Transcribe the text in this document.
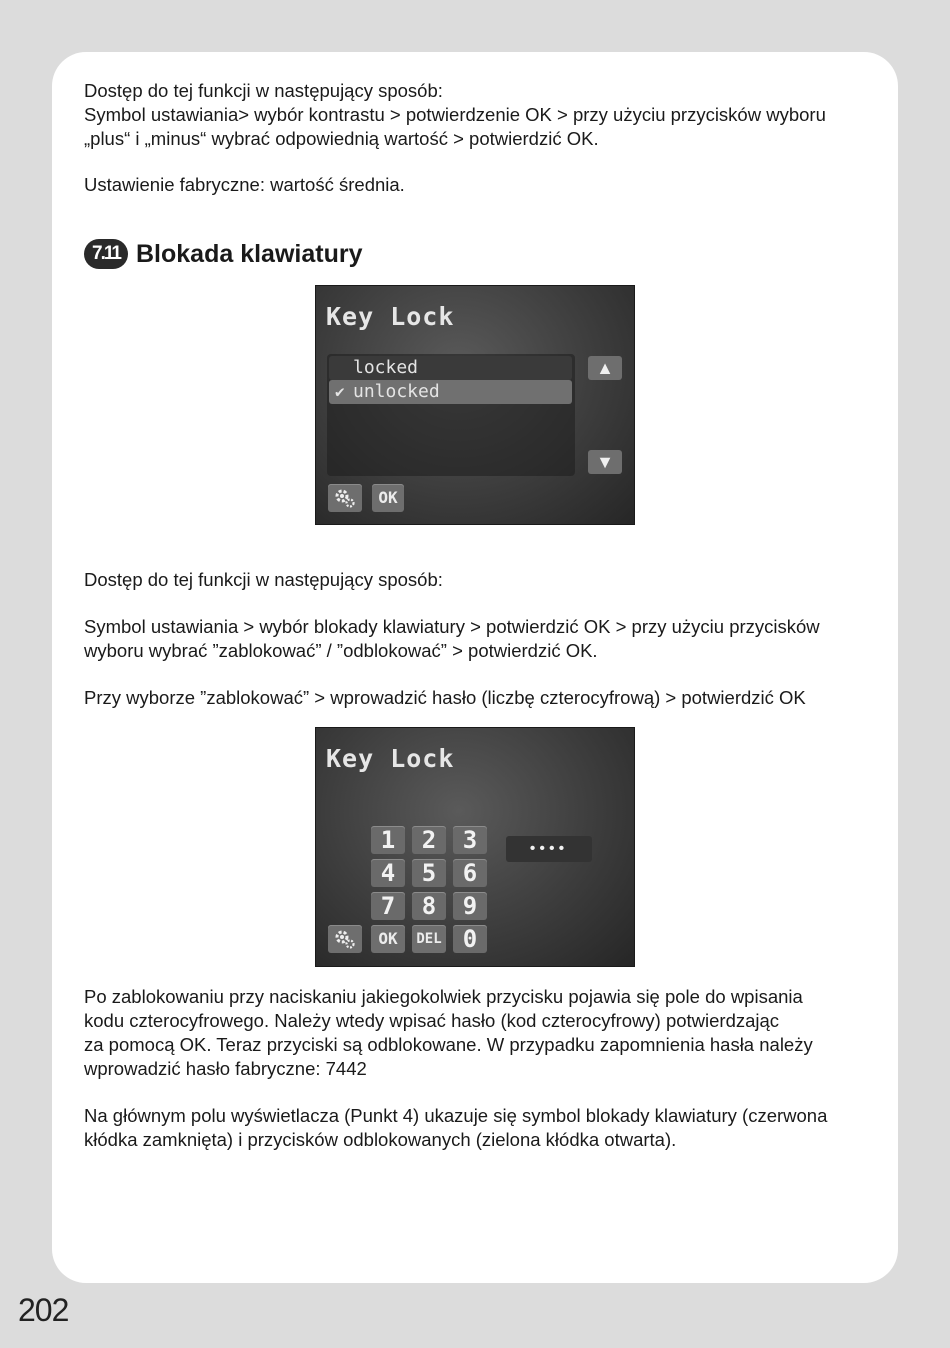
Dostęp do tej funkcji w następujący sposób:
Symbol ustawiania> wybór kontrastu > potwierdzenie OK > przy użyciu przycisków wyboru
„plus“ i „minus“ wybrać odpowiednią wartość > potwierdzić OK.

Ustawienie fabryczne: wartość średnia.

7.11 Blokada klawiatury
Key Lock
locked
✔ unlocked
▲
▼
OK

Dostęp do tej funkcji w następujący sposób:

Symbol ustawiania > wybór blokady klawiatury > potwierdzić OK > przy użyciu przycisków
wyboru wybrać ”zablokować” / ”odblokować” > potwierdzić OK.

Przy wyborze ”zablokować” > wprowadzić hasło (liczbę czterocyfrową) > potwierdzić OK

Key Lock
1	2	3
4	5	6
7	8	9
OK	DEL 0
••••

Po zablokowaniu przy naciskaniu jakiegokolwiek przycisku pojawia się pole do wpisania
kodu czterocyfrowego. Należy wtedy wpisać hasło (kod czterocyfrowy) potwierdzając
za pomocą OK. Teraz przyciski są odblokowane. W przypadku zapomnienia hasła należy
wprowadzić hasło fabryczne: 7442

Na głównym polu wyświetlacza (Punkt 4) ukazuje się symbol blokady klawiatury (czerwona
kłódka zamknięta) i przycisków odblokowanych (zielona kłódka otwarta).

202
